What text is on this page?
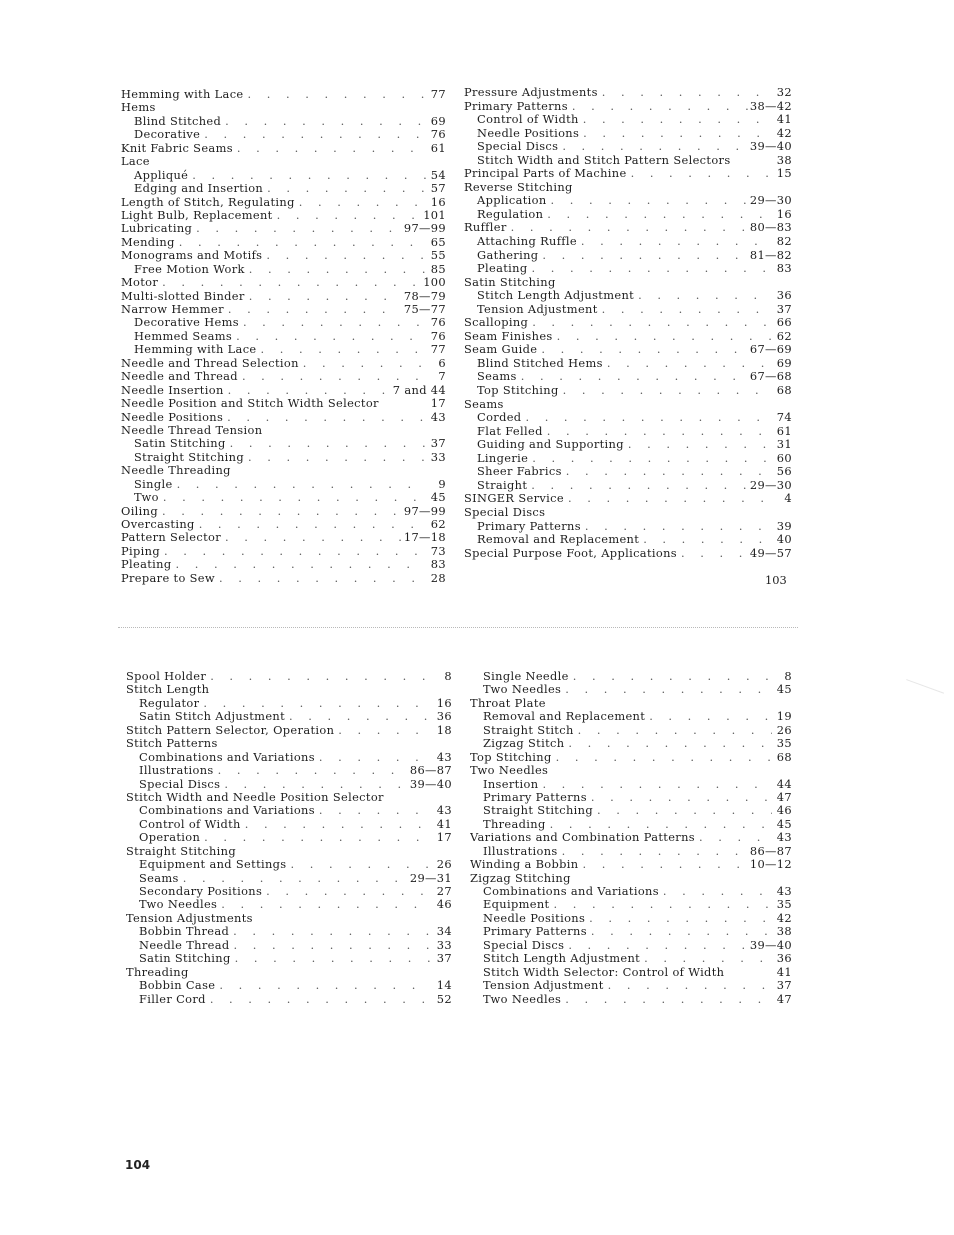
Hemming with Lace . . .	77
Hems
Blind Stitched . . .	69
Decorative . . .	76
Knit Fabric Seams . . .	61
Lace
Appliqué . . .	54
Edging and Insertion . . .	57
Length of Stitch, Regulating . . .	16
Light Bulb, Replacement . . .	101
Lubricating . . .	97—99
Mending . . .	65
Monograms and Motifs . . .	55
Free Motion Work . . .	85
Motor . . .	100
Multi-slotted Binder . . .	78—79
Narrow Hemmer . . .	75—77
Decorative Hems . . .	76
Hemmed Seams . . .	76
Hemming with Lace . . .	77
Needle and Thread Selection . . .	6
Needle and Thread . . .	7
Needle Insertion . . .	7 and 44
Needle Position and Stitch Width Selector	17
Needle Positions . . .	43
Needle Thread Tension
Satin Stitching . . .	37
Straight Stitching . . .	33
Needle Threading
Single . . .	9
Two . . .	45
Oiling . . .	97—99
Overcasting . . .	62
Pattern Selector . . .	17—18
Piping . . .	73
Pleating . . .	83
Prepare to Sew . . .	28
Pressure Adjustments . . .	32
Primary Patterns . . .	38—42
Control of Width . . .	41
Needle Positions . . .	42
Special Discs . . .	39—40
Stitch Width and Stitch Pattern Selectors	38
Principal Parts of Machine . . .	15
Reverse Stitching
Application . . .	29—30
Regulation . . .	16
Ruffler . . .	80—83
Attaching Ruffle . . .	82
Gathering . . .	81—82
Pleating . . .	83
Satin Stitching
Stitch Length Adjustment . . .	36
Tension Adjustment . . .	37
Scalloping . . .	66
Seam Finishes . . .	62
Seam Guide . . .	67—69
Blind Stitched Hems . . .	69
Seams . . .	67—68
Top Stitching . . .	68
Seams
Corded . . .	74
Flat Felled . . .	61
Guiding and Supporting . . .	31
Lingerie . . .	60
Sheer Fabrics . . .	56
Straight . . .	29—30
SINGER Service . . .	4
Special Discs
Primary Patterns . . .	39
Removal and Replacement . . .	40
Special Purpose Foot, Applications . . .	49—57
103
Spool Holder . . .	8
Stitch Length
Regulator . . .	16
Satin Stitch Adjustment . . .	36
Stitch Pattern Selector, Operation . . .	18
Stitch Patterns
Combinations and Variations . . .	43
Illustrations . . .	86—87
Special Discs . . .	39—40
Stitch Width and Needle Position Selector
Combinations and Variations . . .	43
Control of Width . . .	41
Operation . . .	17
Straight Stitching
Equipment and Settings . . .	26
Seams . . .	29—31
Secondary Positions . . .	27
Two Needles . . .	46
Tension Adjustments
Bobbin Thread . . .	34
Needle Thread . . .	33
Satin Stitching . . .	37
Threading
Bobbin Case . . .	14
Filler Cord . . .	52
Single Needle . . .	8
Two Needles . . .	45
Throat Plate
Removal and Replacement . . .	19
Straight Stitch . . .	26
Zigzag Stitch . . .	35
Top Stitching . . .	68
Two Needles
Insertion . . .	44
Primary Patterns . . .	47
Straight Stitching . . .	46
Threading . . .	45
Variations and Combination Patterns . . .	43
Illustrations . . .	86—87
Winding a Bobbin . . .	10—12
Zigzag Stitching
Combinations and Variations . . .	43
Equipment . . .	35
Needle Positions . . .	42
Primary Patterns . . .	38
Special Discs . . .	39—40
Stitch Length Adjustment . . .	36
Stitch Width Selector: Control of Width	41
Tension Adjustment . . .	37
Two Needles . . .	47
104
